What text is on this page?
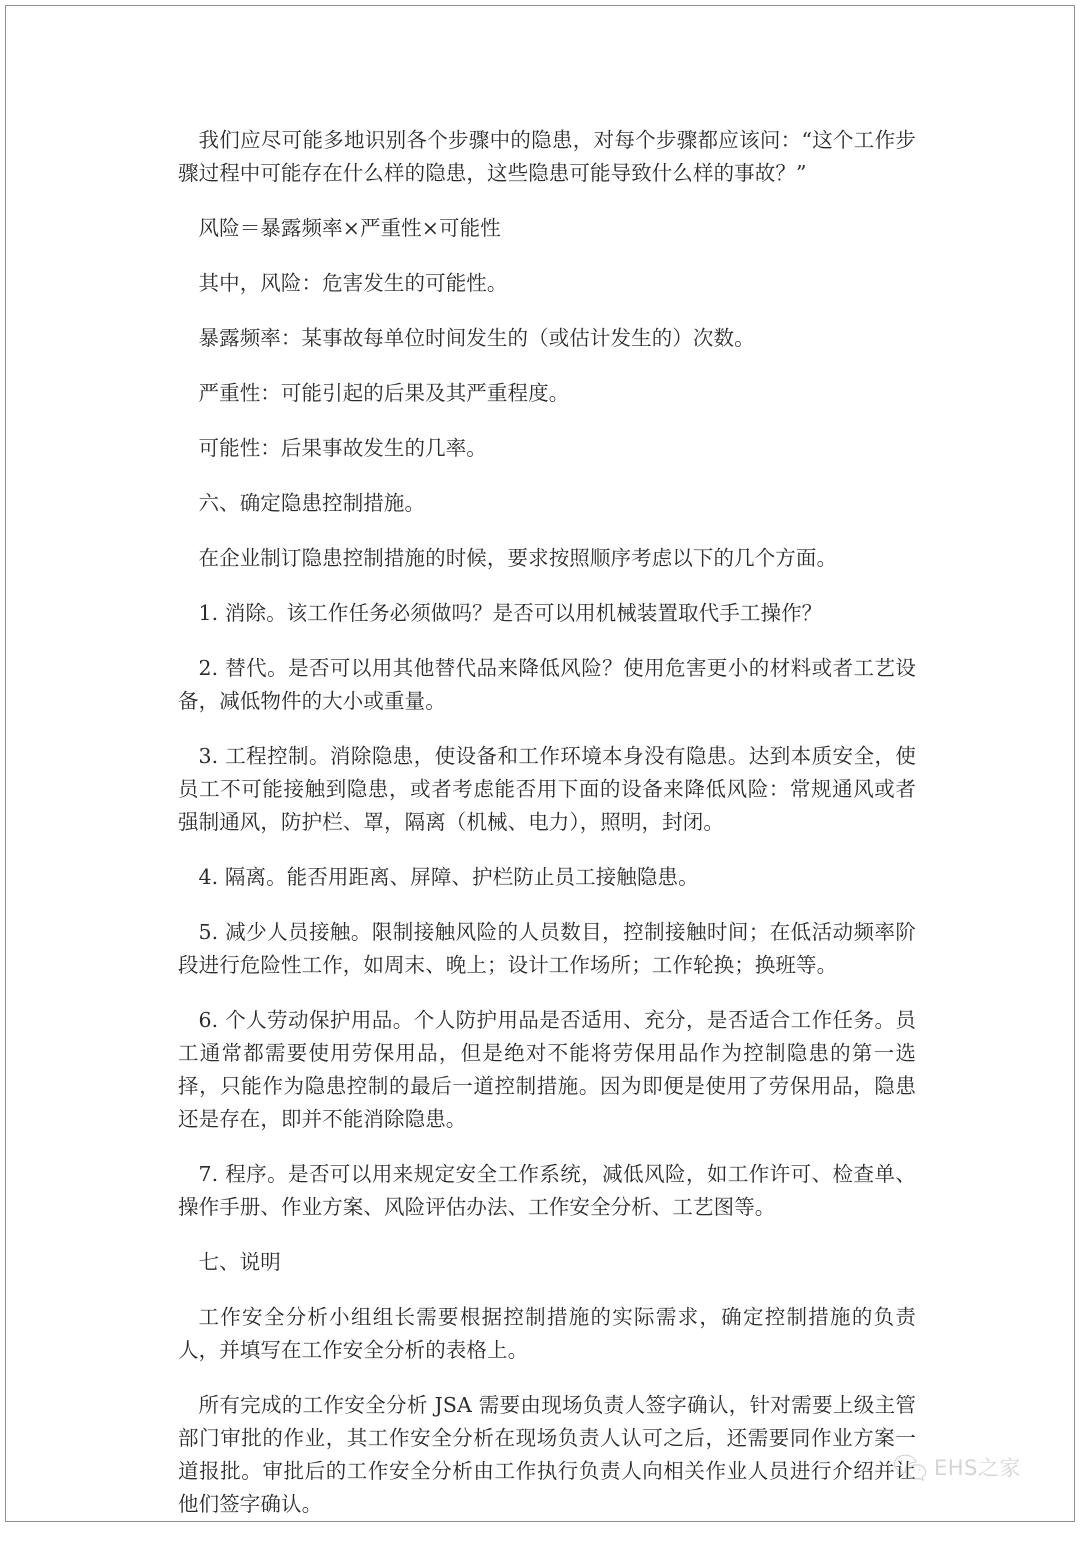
我们应尽可能多地识别各个步骤中的隐患，对每个步骤都应该问：“这个工作步骤过程中可能存在什么样的隐患，这些隐患可能导致什么样的事故？”

风险＝暴露频率×严重性×可能性

其中，风险：危害发生的可能性。

暴露频率：某事故每单位时间发生的（或估计发生的）次数。

严重性：可能引起的后果及其严重程度。

可能性：后果事故发生的几率。

六、确定隐患控制措施。

在企业制订隐患控制措施的时候，要求按照顺序考虑以下的几个方面。

1. 消除。该工作任务必须做吗？是否可以用机械装置取代手工操作？

2. 替代。是否可以用其他替代品来降低风险？使用危害更小的材料或者工艺设备，减低物件的大小或重量。

3. 工程控制。消除隐患，使设备和工作环境本身没有隐患。达到本质安全，使员工不可能接触到隐患，或者考虑能否用下面的设备来降低风险：常规通风或者强制通风，防护栏、罩，隔离（机械、电力），照明，封闭。

4. 隔离。能否用距离、屏障、护栏防止员工接触隐患。

5. 减少人员接触。限制接触风险的人员数目，控制接触时间；在低活动频率阶段进行危险性工作，如周末、晚上；设计工作场所；工作轮换；换班等。

6. 个人劳动保护用品。个人防护用品是否适用、充分，是否适合工作任务。员工通常都需要使用劳保用品，但是绝对不能将劳保用品作为控制隐患的第一选择，只能作为隐患控制的最后一道控制措施。因为即便是使用了劳保用品，隐患还是存在，即并不能消除隐患。

7. 程序。是否可以用来规定安全工作系统，减低风险，如工作许可、检查单、操作手册、作业方案、风险评估办法、工作安全分析、工艺图等。

七、说明

工作安全分析小组组长需要根据控制措施的实际需求，确定控制措施的负责人，并填写在工作安全分析的表格上。

所有完成的工作安全分析 JSA 需要由现场负责人签字确认，针对需要上级主管部门审批的作业，其工作安全分析在现场负责人认可之后，还需要同作业方案一道报批。审批后的工作安全分析由工作执行负责人向相关作业人员进行介绍并让他们签字确认。

EHS之家
